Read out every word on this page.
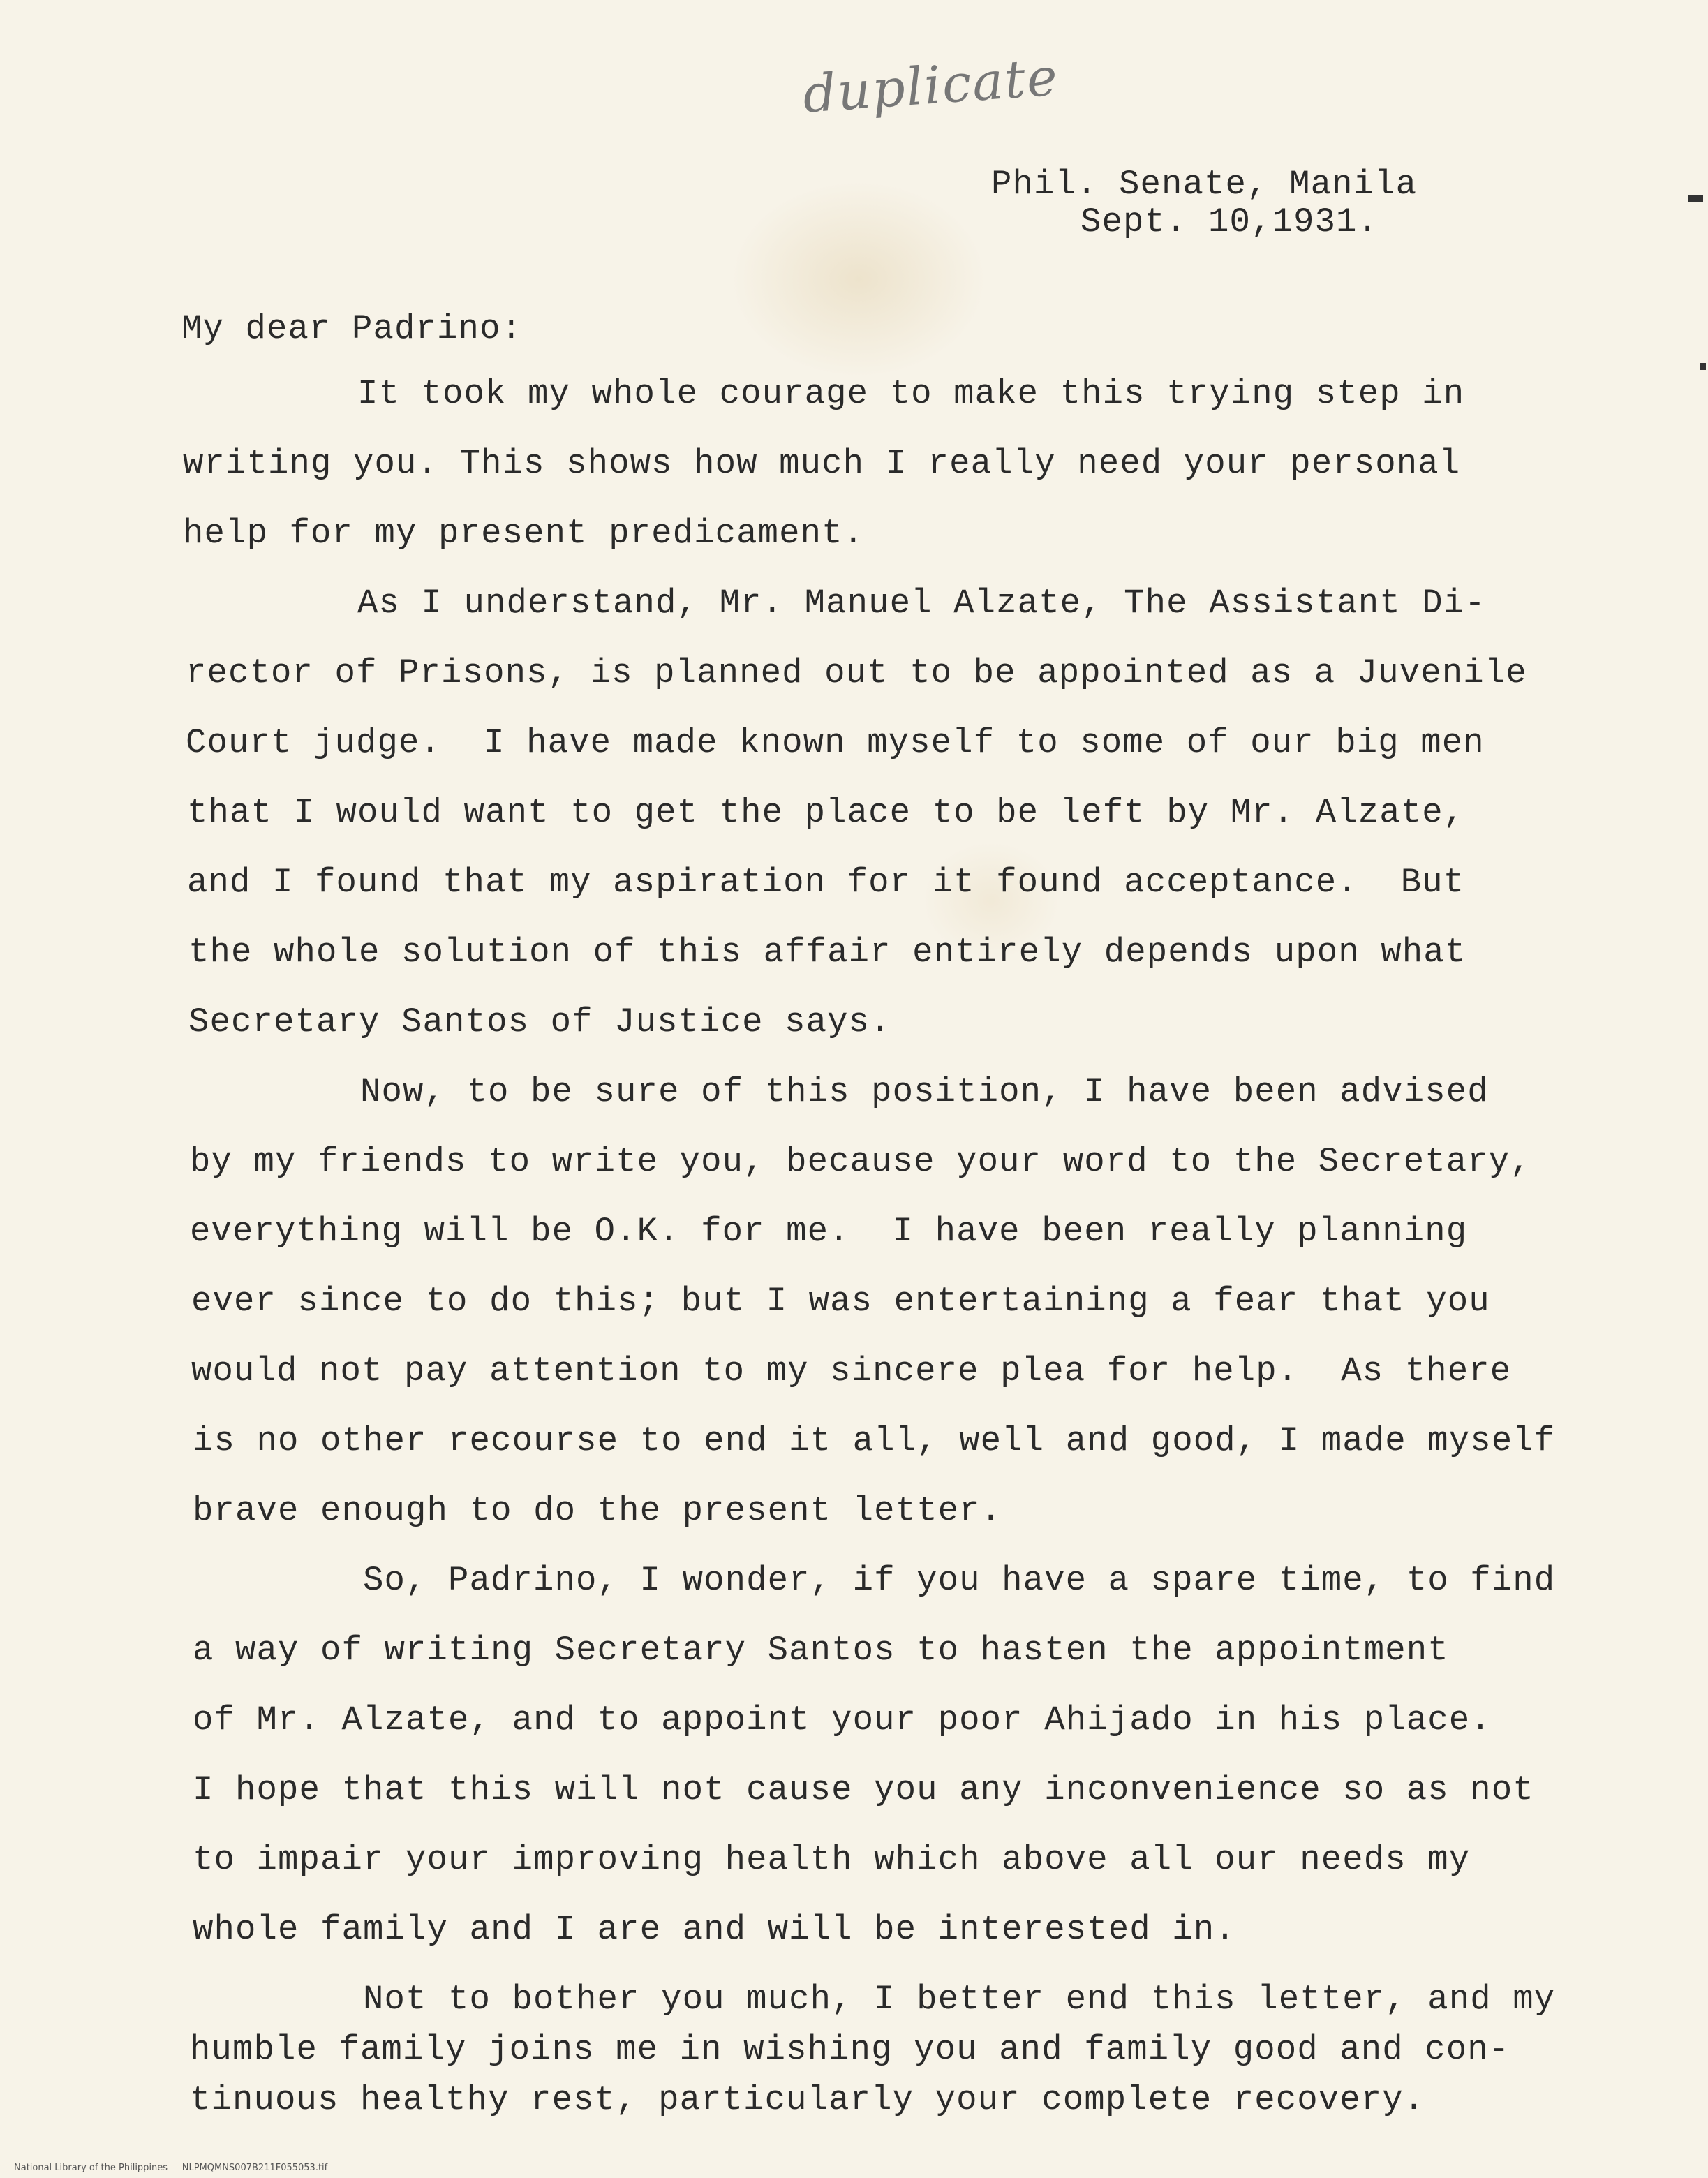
duplicate
Phil. Senate, Manila
Sept. 10,1931.
My dear Padrino:
It took my whole courage to make this trying step in
writing you. This shows how much I really need your personal
help for my present predicament.
As I understand, Mr. Manuel Alzate, The Assistant Di-
rector of Prisons, is planned out to be appointed as a Juvenile
Court judge.  I have made known myself to some of our big men
that I would want to get the place to be left by Mr. Alzate,
and I found that my aspiration for it found acceptance.  But
the whole solution of this affair entirely depends upon what
Secretary Santos of Justice says.
Now, to be sure of this position, I have been advised
by my friends to write you, because your word to the Secretary,
everything will be O.K. for me.  I have been really planning
ever since to do this; but I was entertaining a fear that you
would not pay attention to my sincere plea for help.  As there
is no other recourse to end it all, well and good, I made myself
brave enough to do the present letter.
So, Padrino, I wonder, if you have a spare time, to find
a way of writing Secretary Santos to hasten the appointment
of Mr. Alzate, and to appoint your poor Ahijado in his place.
I hope that this will not cause you any inconvenience so as not
to impair your improving health which above all our needs my
whole family and I are and will be interested in.
Not to bother you much, I better end this letter, and my
humble family joins me in wishing you and family good and con-
tinuous healthy rest, particularly your complete recovery.
National Library of the Philippines     NLPMQMNS007B211F055053.tif
